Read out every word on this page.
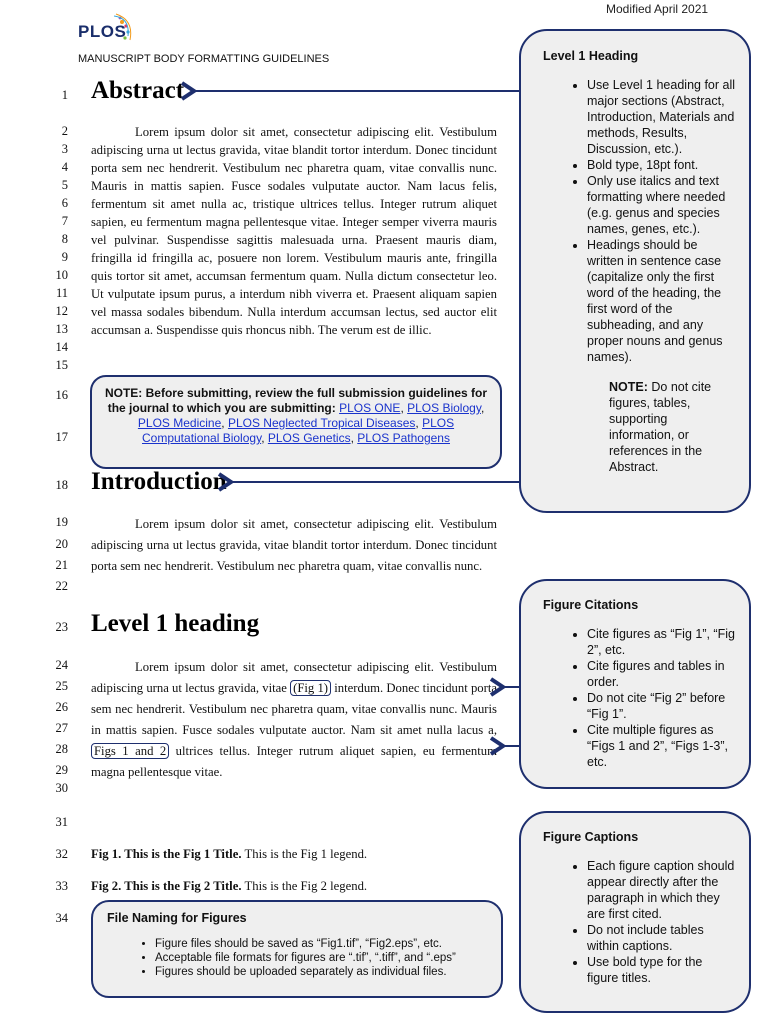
Modified April 2021
PLOS
MANUSCRIPT BODY FORMATTING GUIDELINES
1
2
3
4
5
6
7
8
9
10
11
12
13
14
15
16
17
18
19
20
21
22
23
24
25
26
27
28
29
30
31
32
33
34
Abstract
Lorem ipsum dolor sit amet, consectetur adipiscing elit. Vestibulum adipiscing urna ut lectus gravida, vitae blandit tortor interdum. Donec tincidunt porta sem nec hendrerit. Vestibulum nec pharetra quam, vitae convallis nunc. Mauris in mattis sapien. Fusce sodales vulputate auctor. Nam lacus felis, fermentum sit amet nulla ac, tristique ultrices tellus. Integer rutrum aliquet sapien, eu fermentum magna pellentesque vitae. Integer semper viverra mauris vel pulvinar. Suspendisse sagittis malesuada urna. Praesent mauris diam, fringilla id fringilla ac, posuere non lorem. Vestibulum mauris ante, fringilla quis tortor sit amet, accumsan fermentum quam. Nulla dictum consectetur leo. Ut vulputate ipsum purus, a interdum nibh viverra et. Praesent aliquam sapien vel massa sodales bibendum. Nulla interdum accumsan lectus, sed auctor elit accumsan a. Suspendisse quis rhoncus nibh. The verum est de illic.
NOTE: Before submitting, review the full submission guidelines for the journal to which you are submitting: PLOS ONE, PLOS Biology, PLOS Medicine, PLOS Neglected Tropical Diseases, PLOS Computational Biology, PLOS Genetics, PLOS Pathogens
Introduction
Lorem ipsum dolor sit amet, consectetur adipiscing elit. Vestibulum adipiscing urna ut lectus gravida, vitae blandit tortor interdum. Donec tincidunt porta sem nec hendrerit. Vestibulum nec pharetra quam, vitae convallis nunc.
Level 1 heading
Lorem ipsum dolor sit amet, consectetur adipiscing elit. Vestibulum adipiscing urna ut lectus gravida, vitae (Fig 1) interdum. Donec tincidunt porta sem nec hendrerit. Vestibulum nec pharetra quam, vitae convallis nunc. Mauris in mattis sapien. Fusce sodales vulputate auctor. Nam sit amet nulla lacus a, Figs 1 and 2 ultrices tellus. Integer rutrum aliquet sapien, eu fermentum magna pellentesque vitae.
Fig 1. This is the Fig 1 Title. This is the Fig 1 legend.
Fig 2. This is the Fig 2 Title. This is the Fig 2 legend.
File Naming for Figures
• Figure files should be saved as “Fig1.tif”, “Fig2.eps”, etc.
• Acceptable file formats for figures are “.tif”, “.tiff”, and “.eps”
• Figures should be uploaded separately as individual files.
Level 1 Heading
• Use Level 1 heading for all major sections (Abstract, Introduction, Materials and methods, Results, Discussion, etc.).
• Bold type, 18pt font.
• Only use italics and text formatting where needed (e.g. genus and species names, genes, etc.).
• Headings should be written in sentence case (capitalize only the first word of the heading, the first word of the subheading, and any proper nouns and genus names).
NOTE: Do not cite figures, tables, supporting information, or references in the Abstract.
Figure Citations
• Cite figures as “Fig 1”, “Fig 2”, etc.
• Cite figures and tables in order.
• Do not cite “Fig 2” before “Fig 1”.
• Cite multiple figures as “Figs 1 and 2”, “Figs 1-3”, etc.
Figure Captions
• Each figure caption should appear directly after the paragraph in which they are first cited.
• Do not include tables within captions.
• Use bold type for the figure titles.
